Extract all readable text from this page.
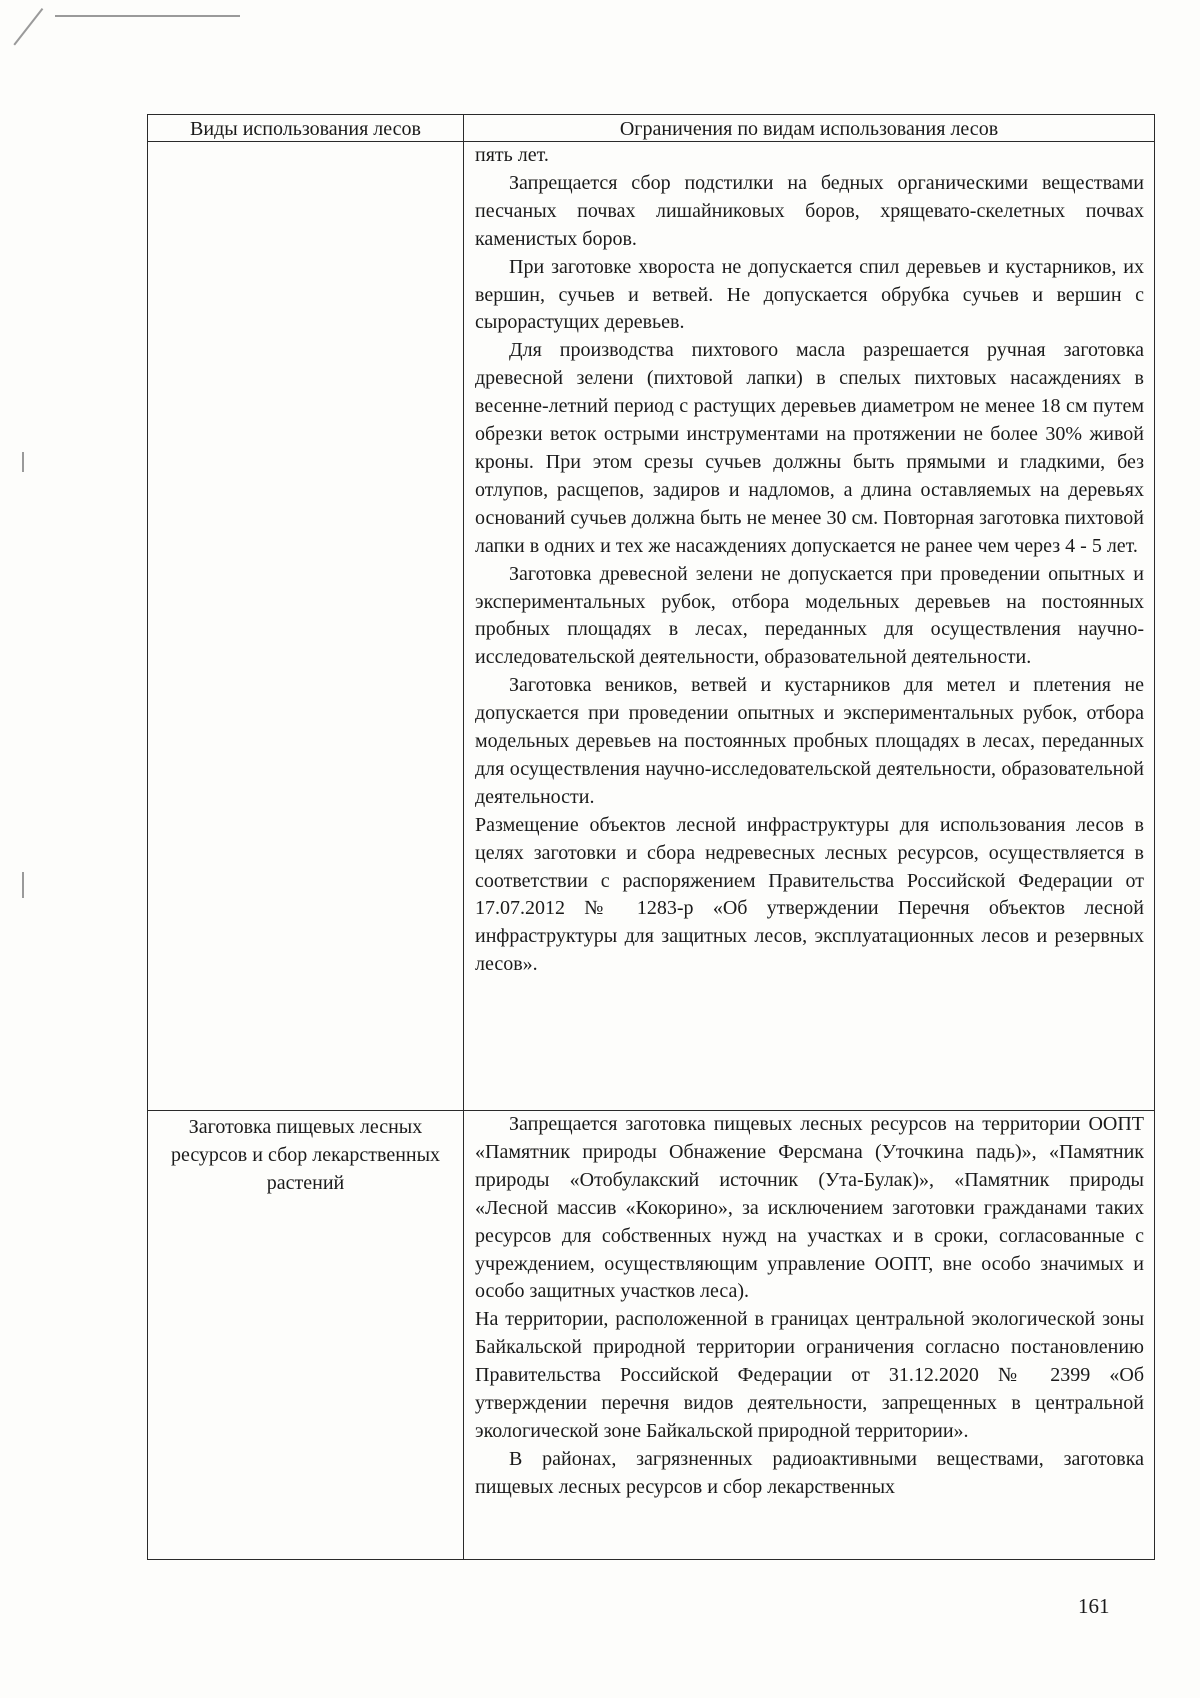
Виды использования лесов	Ограничения по видам использования лесов

пять лет.

Запрещается сбор подстилки на бедных органическими веществами песчаных почвах лишайниковых боров, хрящевато-скелетных почвах каменистых боров.

При заготовке хвороста не допускается спил деревьев и кустарников, их вершин, сучьев и ветвей. Не допускается обрубка сучьев и вершин с сырорастущих деревьев.

Для производства пихтового масла разрешается ручная заготовка древесной зелени (пихтовой лапки) в спелых пихтовых насаждениях в весенне-летний период с растущих деревьев диаметром не менее 18 см путем обрезки веток острыми инструментами на протяжении не более 30% живой кроны. При этом срезы сучьев должны быть прямыми и гладкими, без отлупов, расщепов, задиров и надломов, а длина оставляемых на деревьях оснований сучьев должна быть не менее 30 см. Повторная заготовка пихтовой лапки в одних и тех же насаждениях допускается не ранее чем через 4 - 5 лет.

Заготовка древесной зелени не допускается при проведении опытных и экспериментальных рубок, отбора модельных деревьев на постоянных пробных площадях в лесах, переданных для осуществления научно-исследовательской деятельности, образовательной деятельности.

Заготовка веников, ветвей и кустарников для метел и плетения не допускается при проведении опытных и экспериментальных рубок, отбора модельных деревьев на постоянных пробных площадях в лесах, переданных для осуществления научно-исследовательской деятельности, образовательной деятельности.

Размещение объектов лесной инфраструктуры для использования лесов в целях заготовки и сбора недревесных лесных ресурсов, осуществляется в соответствии с распоряжением Правительства Российской Федерации от 17.07.2012 № 1283-р «Об утверждении Перечня объектов лесной инфраструктуры для защитных лесов, эксплуатационных лесов и резервных лесов».

Заготовка пищевых лесных ресурсов и сбор лекарственных растений

Запрещается заготовка пищевых лесных ресурсов на территории ООПТ «Памятник природы Обнажение Ферсмана (Уточкина падь)», «Памятник природы «Отобулакский источник (Ута-Булак)», «Памятник природы «Лесной массив «Кокорино», за исключением заготовки гражданами таких ресурсов для собственных нужд на участках и в сроки, согласованные с учреждением, осуществляющим управление ООПТ, вне особо значимых и особо защитных участков леса).

На территории, расположенной в границах центральной экологической зоны Байкальской природной территории ограничения согласно постановлению Правительства Российской Федерации от 31.12.2020 № 2399 «Об утверждении перечня видов деятельности, запрещенных в центральной экологической зоне Байкальской природной территории».

В районах, загрязненных радиоактивными веществами, заготовка пищевых лесных ресурсов и сбор лекарственных

161
